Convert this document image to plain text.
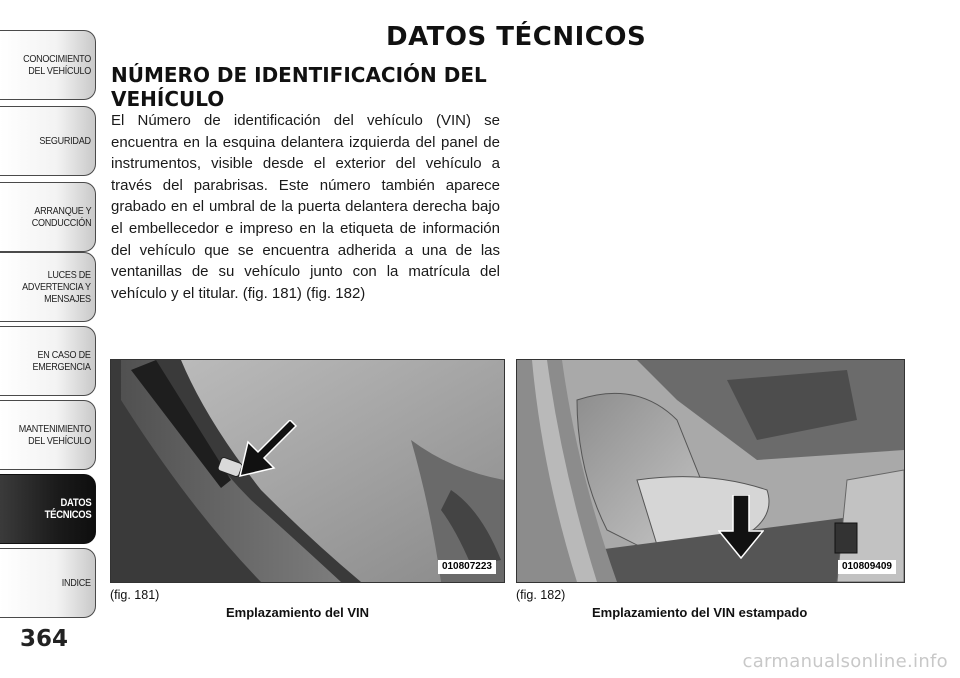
CONOCIMIENTO
DEL VEHÍCULO
SEGURIDAD
ARRANQUE Y
CONDUCCIÓN
LUCES DE
ADVERTENCIA Y
MENSAJES
EN CASO DE
EMERGENCIA
MANTENIMIENTO
DEL VEHÍCULO
DATOS
TÉCNICOS
INDICE
364
DATOS TÉCNICOS
NÚMERO DE IDENTIFICACIÓN DEL VEHÍCULO

El Número de identificación del vehículo (VIN) se encuentra en la esquina delantera izquierda del panel de instrumentos, visible desde el exterior del vehículo a través del parabrisas. Este número también aparece grabado en el umbral de la puerta delantera derecha bajo el embellecedor e impreso en la etiqueta de información del vehículo que se encuentra adherida a una de las ventanillas de su vehículo junto con la matrícula del vehículo y el titular. (fig. 181) (fig. 182)

010807223
(fig. 181)
Emplazamiento del VIN
010809409
(fig. 182)
Emplazamiento del VIN estampado
carmanualsonline.info
